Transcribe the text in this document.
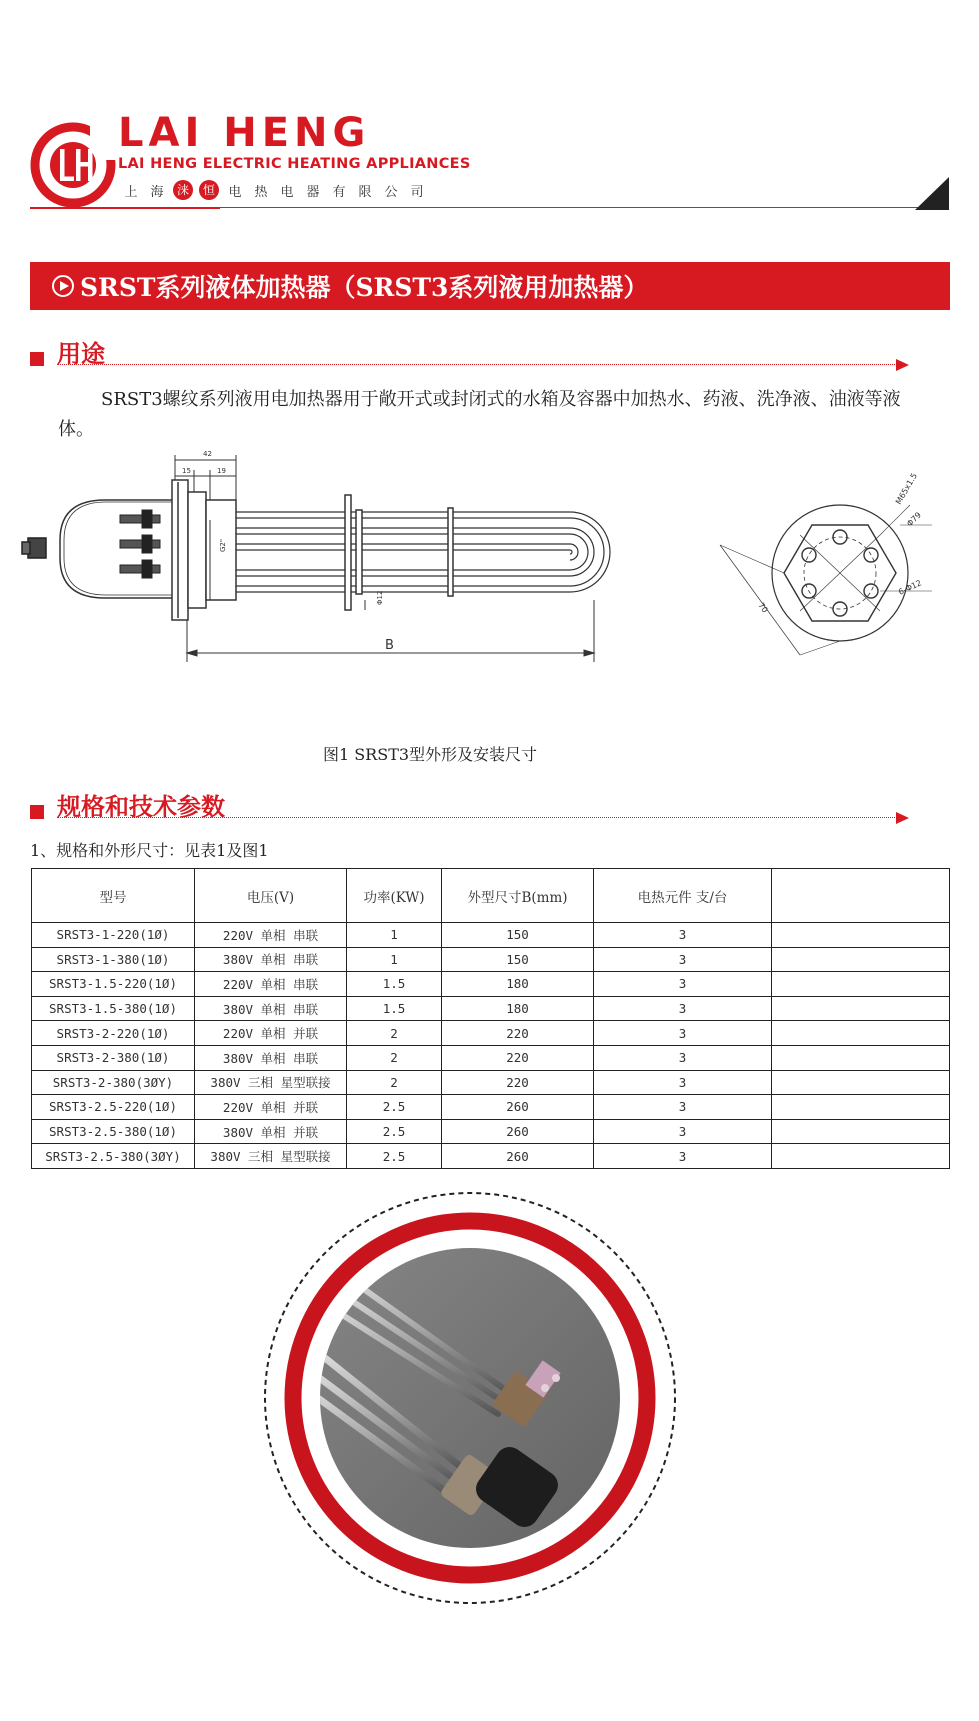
LAI HENG
LAI HENG ELECTRIC HEATING APPLIANCES
上 海	涞	恒	电 热 电 器 有 限 公 司
SRST系列液体加热器（SRST3系列液用加热器）
用途
SRST3螺纹系列液用电加热器用于敞开式或封闭式的水箱及容器中加热水、药液、洗净液、油液等液体。
42
15	19
G2"
Φ12
B
M65x1.5
Φ79
6-Φ12
70
图1 SRST3型外形及安装尺寸
规格和技术参数
1、规格和外形尺寸：见表1及图1
型号	电压(V)	功率(KW)	外型尺寸B(mm)	电热元件 支/台	
SRST3-1-220(1Ø)	220V 单相 串联	1	150	3	
SRST3-1-380(1Ø)	380V 单相 串联	1	150	3	
SRST3-1.5-220(1Ø)	220V 单相 串联	1.5	180	3	
SRST3-1.5-380(1Ø)	380V 单相 串联	1.5	180	3	
SRST3-2-220(1Ø)	220V 单相 并联	2	220	3	
SRST3-2-380(1Ø)	380V 单相 串联	2	220	3	
SRST3-2-380(3ØY)	380V 三相 星型联接	2	220	3	
SRST3-2.5-220(1Ø)	220V 单相 并联	2.5	260	3	
SRST3-2.5-380(1Ø)	380V 单相 并联	2.5	260	3	
SRST3-2.5-380(3ØY)	380V 三相 星型联接	2.5	260	3	
